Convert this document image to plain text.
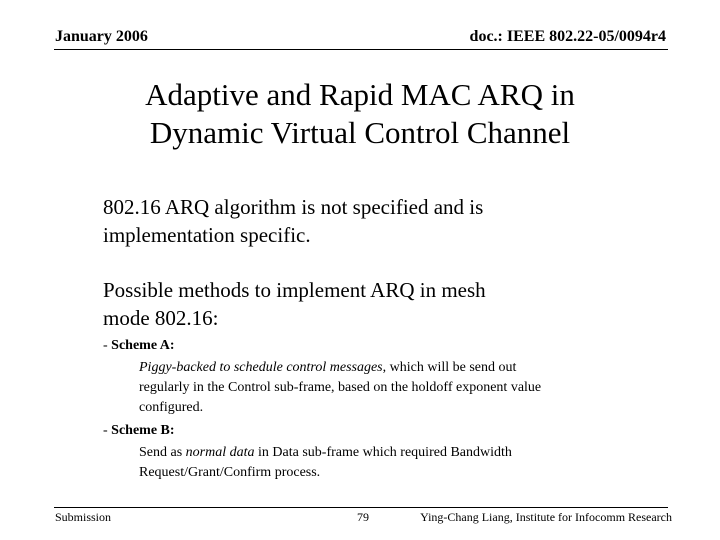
January 2006	doc.: IEEE 802.22-05/0094r4
Adaptive and Rapid MAC ARQ in
Dynamic Virtual Control Channel
802.16 ARQ algorithm is not specified and is
implementation specific.
Possible methods to implement ARQ in mesh
mode 802.16:
- Scheme A:
Piggy-backed to schedule control messages, which will be send out
regularly in the Control sub-frame, based on the holdoff exponent value
configured.
- Scheme B:
Send as normal data in Data sub-frame which required Bandwidth
Request/Grant/Confirm process.
Submission	79	Ying-Chang Liang, Institute for Infocomm Research
